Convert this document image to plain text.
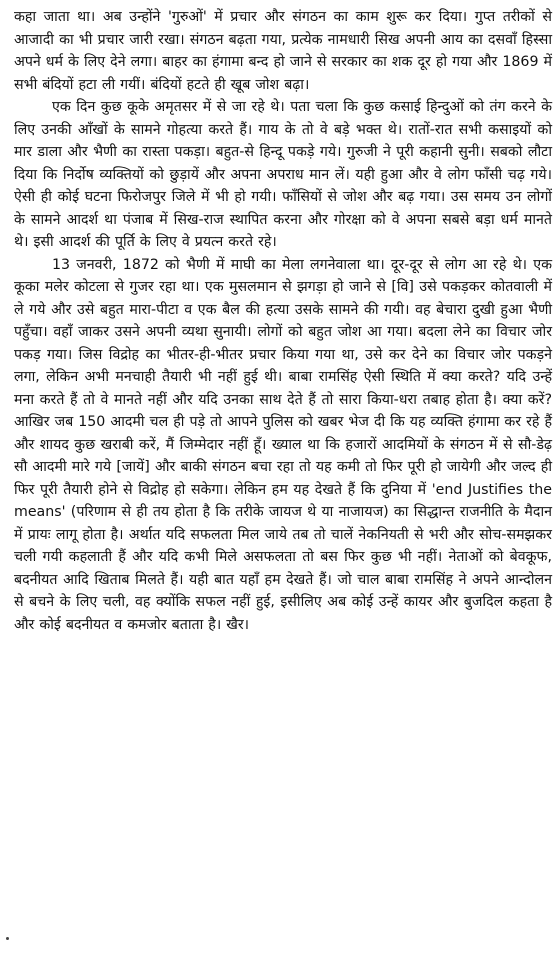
कहा जाता था। अब उन्होंने 'गुरुओं' में प्रचार और संगठन का काम शुरू कर दिया। गुप्त तरीकों से आजादी का भी प्रचार जारी रखा। संगठन बढ़ता गया, प्रत्येक नामधारी सिख अपनी आय का दसवाँ हिस्सा अपने धर्म के लिए देने लगा। बाहर का हंगामा बन्द हो जाने से सरकार का शक दूर हो गया और 1869 में सभी बंदियों हटा ली गयीं। बंदियों हटते ही खूब जोश बढ़ा।

एक दिन कुछ कूके अमृतसर में से जा रहे थे। पता चला कि कुछ कसाई हिन्दुओं को तंग करने के लिए उनकी आँखों के सामने गोहत्या करते हैं। गाय के तो वे बड़े भक्त थे। रातों-रात सभी कसाइयों को मार डाला और भैणी का रास्ता पकड़ा। बहुत-से हिन्दू पकड़े गये। गुरुजी ने पूरी कहानी सुनी। सबको लौटा दिया कि निर्दोष व्यक्तियों को छुड़ायें और अपना अपराध मान लें। यही हुआ और वे लोग फाँसी चढ़ गये। ऐसी ही कोई घटना फिरोजपुर जिले में भी हो गयी। फाँसियों से जोश और बढ़ गया। उस समय उन लोगों के सामने आदर्श था पंजाब में सिख-राज स्थापित करना और गोरक्षा को वे अपना सबसे बड़ा धर्म मानते थे। इसी आदर्श की पूर्ति के लिए वे प्रयत्न करते रहे।

13 जनवरी, 1872 को भैणी में माघी का मेला लगनेवाला था। दूर-दूर से लोग आ रहे थे। एक कूका मलेर कोटला से गुजर रहा था। एक मुसलमान से झगड़ा हो जाने से [वि] उसे पकड़कर कोतवाली में ले गये और उसे बहुत मारा-पीटा व एक बैल की हत्या उसके सामने की गयी। वह बेचारा दुखी हुआ भैणी पहुँचा। वहाँ जाकर उसने अपनी व्यथा सुनायी। लोगों को बहुत जोश आ गया। बदला लेने का विचार जोर पकड़ गया। जिस विद्रोह का भीतर-ही-भीतर प्रचार किया गया था, उसे कर देने का विचार जोर पकड़ने लगा, लेकिन अभी मनचाही तैयारी भी नहीं हुई थी। बाबा रामसिंह ऐसी स्थिति में क्या करते? यदि उन्हें मना करते हैं तो वे मानते नहीं और यदि उनका साथ देते हैं तो सारा किया-धरा तबाह होता है। क्या करें? आखिर जब 150 आदमी चल ही पड़े तो आपने पुलिस को खबर भेज दी कि यह व्यक्ति हंगामा कर रहे हैं और शायद कुछ खराबी करें, मैं जिम्मेदार नहीं हूँ। ख्याल था कि हजारों आदमियों के संगठन में से सौ-डेढ़ सौ आदमी मारे गये [जायें] और बाकी संगठन बचा रहा तो यह कमी तो फिर पूरी हो जायेगी और जल्द ही फिर पूरी तैयारी होने से विद्रोह हो सकेगा। लेकिन हम यह देखते हैं कि दुनिया में 'end Justifies the means' (परिणाम से ही तय होता है कि तरीके जायज थे या नाजायज) का सिद्धान्त राजनीति के मैदान में प्रायः लागू होता है। अर्थात यदि सफलता मिल जाये तब तो चालें नेकनियती से भरी और सोच-समझकर चली गयी कहलाती हैं और यदि कभी मिले असफलता तो बस फिर कुछ भी नहीं। नेताओं को बेवकूफ, बदनीयत आदि खिताब मिलते हैं। यही बात यहाँ हम देखते हैं। जो चाल बाबा रामसिंह ने अपने आन्दोलन से बचने के लिए चली, वह क्योंकि सफल नहीं हुई, इसीलिए अब कोई उन्हें कायर और बुजदिल कहता है और कोई बदनीयत व कमजोर बताता है। खैर।
